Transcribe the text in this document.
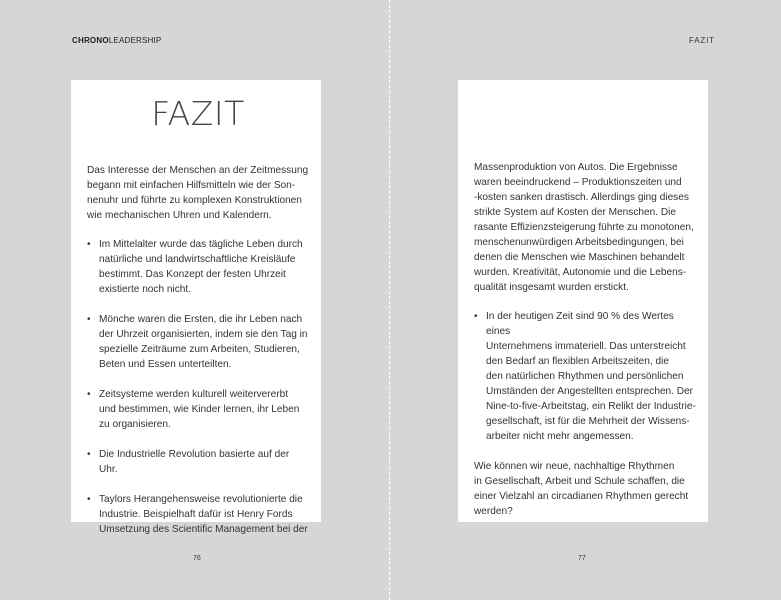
CHRONOLEADERSHIP
FAZIT

Das Interesse der Menschen an der Zeitmessung
begann mit einfachen Hilfsmitteln wie der Son-
nenuhr und führte zu komplexen Konstruktionen
wie mechanischen Uhren und Kalendern.

• Im Mittelalter wurde das tägliche Leben durch
natürliche und landwirtschaftliche Kreisläufe
bestimmt. Das Konzept der festen Uhrzeit
existierte noch nicht.
• Mönche waren die Ersten, die ihr Leben nach
der Uhrzeit organisierten, indem sie den Tag in
spezielle Zeiträume zum Arbeiten, Studieren,
Beten und Essen unterteilten.
• Zeitsysteme werden kulturell weitervererbt
und bestimmen, wie Kinder lernen, ihr Leben
zu organisieren.
• Die Industrielle Revolution basierte auf der Uhr.
• Taylors Herangehensweise revolutionierte die
Industrie. Beispielhaft dafür ist Henry Fords
Umsetzung des Scientific Management bei der
76
FAZIT

Massenproduktion von Autos. Die Ergebnisse
waren beeindruckend – Produktionszeiten und
-kosten sanken drastisch. Allerdings ging dieses
strikte System auf Kosten der Menschen. Die
rasante Effizienzsteigerung führte zu monotonen,
menschenunwürdigen Arbeitsbedingungen, bei
denen die Menschen wie Maschinen behandelt
wurden. Kreativität, Autonomie und die Lebens-
qualität insgesamt wurden erstickt.

• In der heutigen Zeit sind 90 % des Wertes eines
Unternehmens immateriell. Das unterstreicht
den Bedarf an flexiblen Arbeitszeiten, die
den natürlichen Rhythmen und persönlichen
Umständen der Angestellten entsprechen. Der
Nine-to-five-Arbeitstag, ein Relikt der Industrie-
gesellschaft, ist für die Mehrheit der Wissens-
arbeiter nicht mehr angemessen.

Wie können wir neue, nachhaltige Rhythmen
in Gesellschaft, Arbeit und Schule schaffen, die
einer Vielzahl an circadianen Rhythmen gerecht
werden?

77
